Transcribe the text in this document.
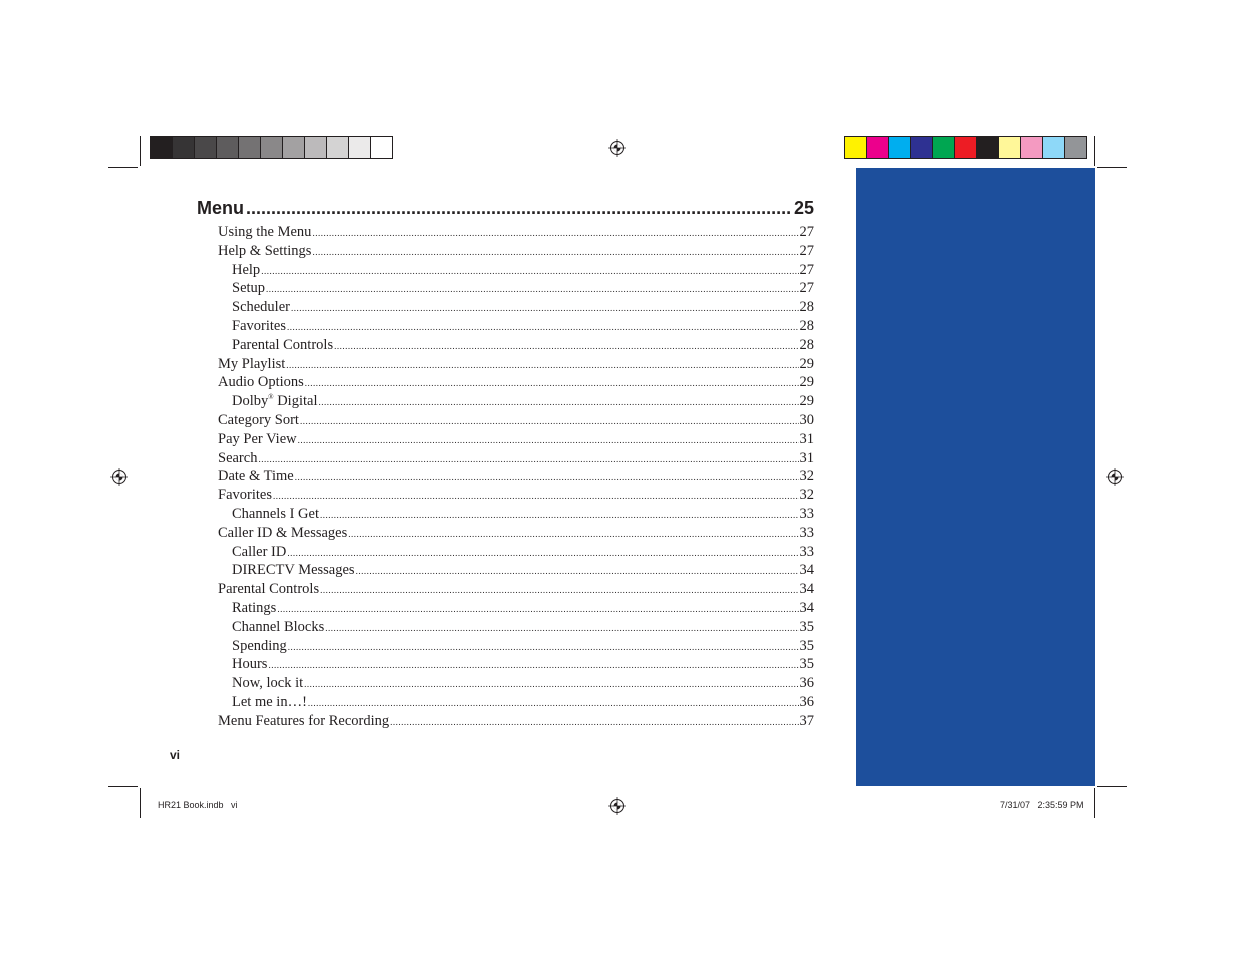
Menu .....	25
Using the Menu .....	27
Help & Settings .....	27
Help .....	27
Setup .....	27
Scheduler .....	28
Favorites .....	28
Parental Controls .....	28
My Playlist .....	29
Audio Options .....	29
Dolby® Digital .....	29
Category Sort .....	30
Pay Per View .....	31
Search .....	31
Date & Time .....	32
Favorites .....	32
Channels I Get .....	33
Caller ID & Messages .....	33
Caller ID .....	33
DIRECTV Messages .....	34
Parental Controls .....	34
Ratings .....	34
Channel Blocks .....	35
Spending .....	35
Hours .....	35
Now, lock it .....	36
Let me in…! .....	36
Menu Features for Recording .....	37
vi
HR21 Book.indb   vi	7/31/07   2:35:59 PM
